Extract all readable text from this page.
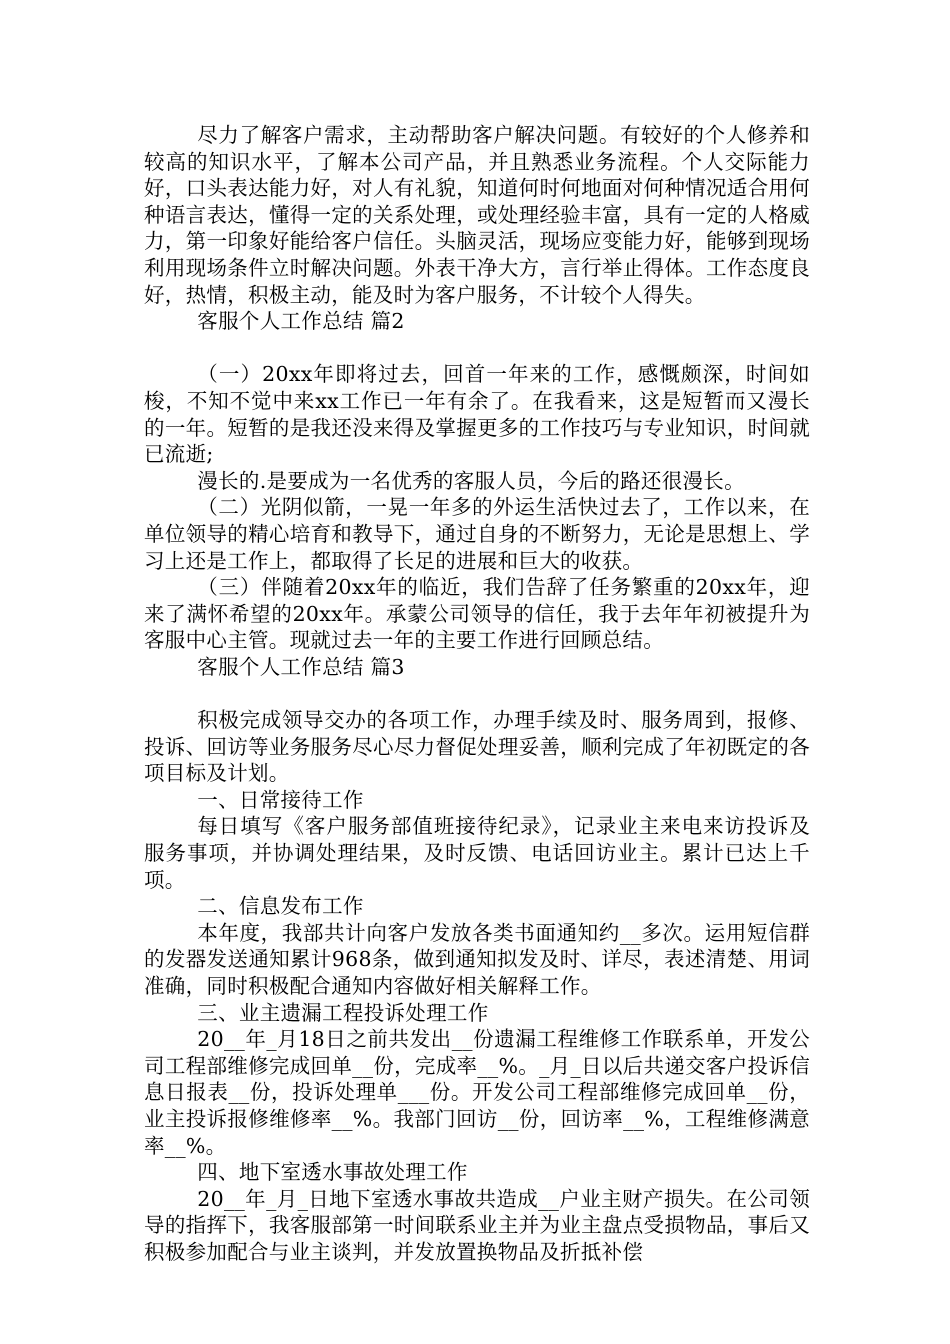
尽力了解客户需求，主动帮助客户解决问题。有较好的个人修养和较高的知识水平，了解本公司产品，并且熟悉业务流程。个人交际能力好，口头表达能力好，对人有礼貌，知道何时何地面对何种情况适合用何种语言表达，懂得一定的关系处理，或处理经验丰富，具有一定的人格威力，第一印象好能给客户信任。头脑灵活，现场应变能力好，能够到现场利用现场条件立时解决问题。外表干净大方，言行举止得体。工作态度良好，热情，积极主动，能及时为客户服务，不计较个人得失。

客服个人工作总结 篇2

（一）20xx年即将过去，回首一年来的工作，感慨颇深，时间如梭，不知不觉中来xx工作已一年有余了。在我看来，这是短暂而又漫长的一年。短暂的是我还没来得及掌握更多的工作技巧与专业知识，时间就已流逝;

漫长的.是要成为一名优秀的客服人员，今后的路还很漫长。

（二）光阴似箭，一晃一年多的外运生活快过去了，工作以来，在单位领导的精心培育和教导下，通过自身的不断努力，无论是思想上、学习上还是工作上，都取得了长足的进展和巨大的收获。

（三）伴随着20xx年的临近，我们告辞了任务繁重的20xx年，迎来了满怀希望的20xx年。承蒙公司领导的信任，我于去年年初被提升为客服中心主管。现就过去一年的主要工作进行回顾总结。

客服个人工作总结 篇3

积极完成领导交办的各项工作，办理手续及时、服务周到，报修、投诉、回访等业务服务尽心尽力督促处理妥善，顺利完成了年初既定的各项目标及计划。

一、日常接待工作

每日填写《客户服务部值班接待纪录》，记录业主来电来访投诉及服务事项，并协调处理结果，及时反馈、电话回访业主。累计已达上千项。

二、信息发布工作

本年度，我部共计向客户发放各类书面通知约__多次。运用短信群的发器发送通知累计968条，做到通知拟发及时、详尽，表述清楚、用词准确，同时积极配合通知内容做好相关解释工作。

三、业主遗漏工程投诉处理工作

20__年_月18日之前共发出__份遗漏工程维修工作联系单，开发公司工程部维修完成回单__份，完成率__%。_月_日以后共递交客户投诉信息日报表__份，投诉处理单___份。开发公司工程部维修完成回单__份，业主投诉报修维修率__%。我部门回访__份，回访率__%，工程维修满意率__%。

四、地下室透水事故处理工作

20__年_月_日地下室透水事故共造成__户业主财产损失。在公司领导的指挥下，我客服部第一时间联系业主并为业主盘点受损物品，事后又积极参加配合与业主谈判，并发放置换物品及折抵补偿
